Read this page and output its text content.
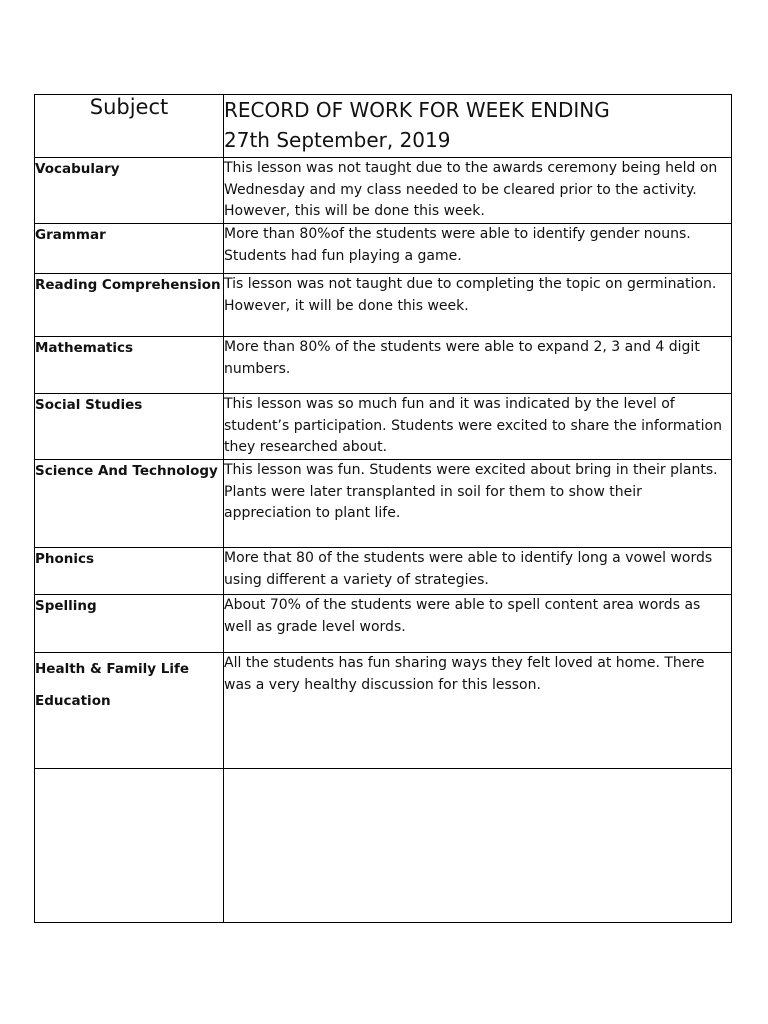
Subject	RECORD OF WORK FOR WEEK ENDING
27th September, 2019

Vocabulary	This lesson was not taught due to the awards ceremony being held on Wednesday and my class needed to be cleared prior to the activity. However, this will be done this week.

Grammar	More than 80%of the students were able to identify gender nouns. Students had fun playing a game.

Reading Comprehension	Tis lesson was not taught due to completing the topic on germination. However, it will be done this week.

Mathematics	More than 80% of the students were able to expand 2, 3 and 4 digit numbers.

Social Studies	This lesson was so much fun and it was indicated by the level of student’s participation. Students were excited to share the information they researched about.

Science And Technology	This lesson was fun. Students were excited about bring in their plants.

Plants were later transplanted in soil for them to show their appreciation to plant life.

Phonics	More that 80 of the students were able to identify long a vowel words using different a variety of strategies.

Spelling	About 70% of the students were able to spell content area words as well as grade level words.

Health & Family Life
Education	All the students has fun sharing ways they felt loved at home. There was a very healthy discussion for this lesson.
